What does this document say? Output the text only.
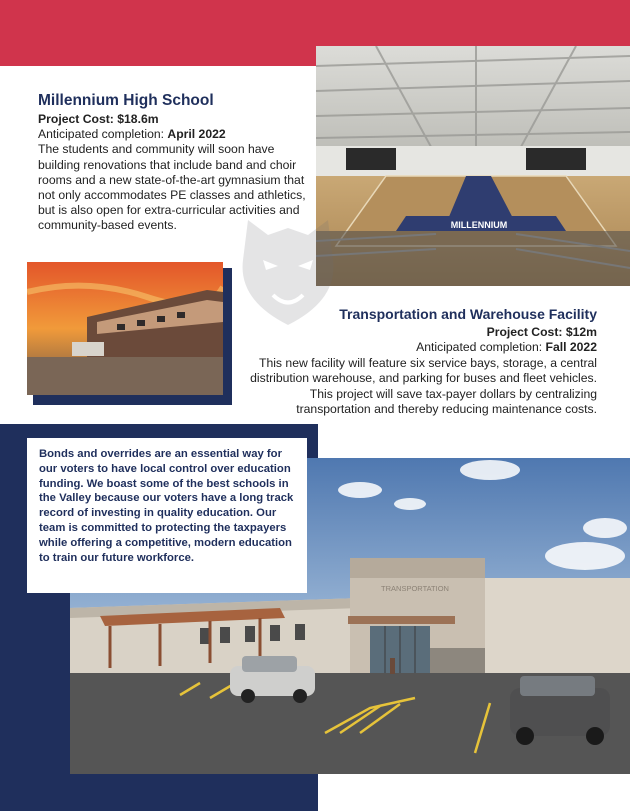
MILLENNIUM
Millennium High School
Project Cost: $18.6m
Anticipated completion: April 2022
The students and community will soon have building renovations that include band and choir rooms and a new state-of-the-art gymnasium that not only accommodates PE classes and athletics, but is also open for extra-curricular activities and community-based events.
Transportation and Warehouse Facility

Project Cost: $12m

Anticipated completion: Fall 2022

This new facility will feature six service bays, storage, a central distribution warehouse, and parking for buses and fleet vehicles. This project will save tax-payer dollars by centralizing transportation and thereby reducing maintenance costs.

TRANSPORTATION
Bonds and overrides are an essential way for our voters to have local control over education funding. We boast some of the best schools in the Valley because our voters have a long track record of investing in quality education. Our team is committed to protecting the taxpayers while offering a competitive, modern education to train our future workforce.
